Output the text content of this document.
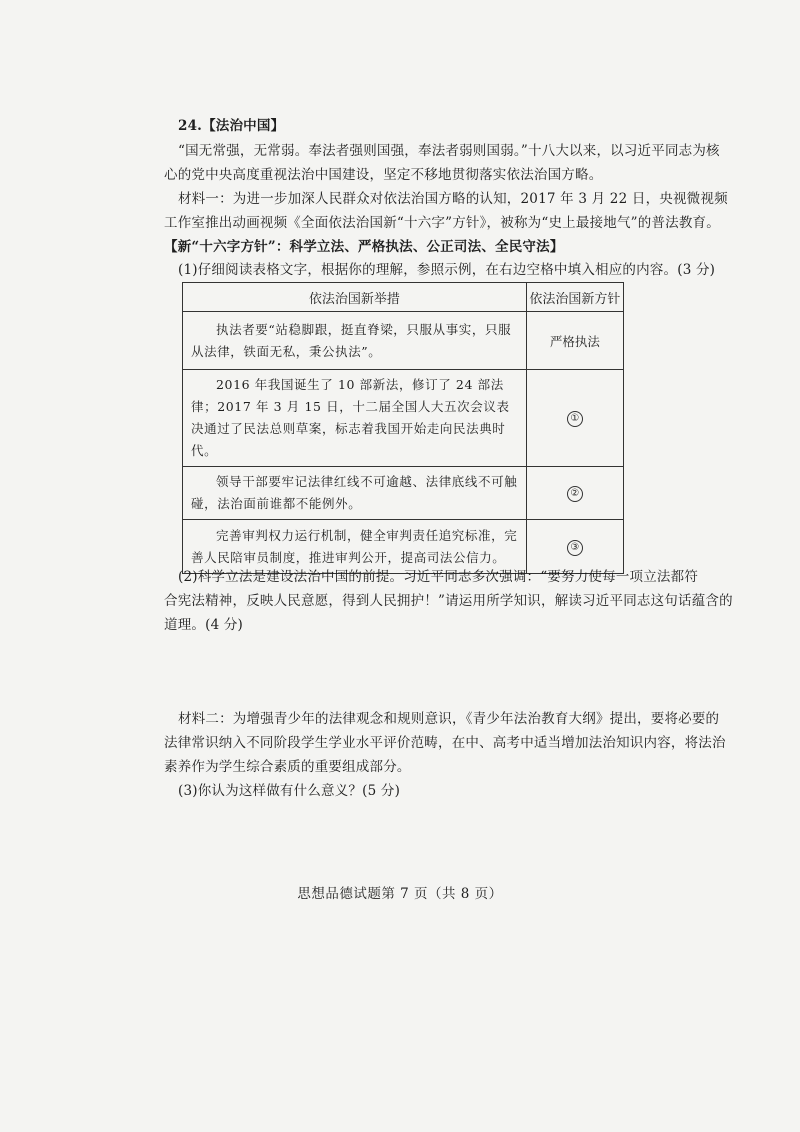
24.【法治中国】
“国无常强，无常弱。奉法者强则国强，奉法者弱则国弱。”十八大以来，以习近平同志为核
心的党中央高度重视法治中国建设，坚定不移地贯彻落实依法治国方略。
材料一：为进一步加深人民群众对依法治国方略的认知，2017 年 3 月 22 日，央视微视频
工作室推出动画视频《全面依法治国新“十六字”方针》，被称为“史上最接地气”的普法教育。
【新“十六字方针”：科学立法、严格执法、公正司法、全民守法】
(1)仔细阅读表格文字，根据你的理解，参照示例，在右边空格中填入相应的内容。(3 分)
依法治国新举措	依法治国新方针

执法者要“站稳脚跟，挺直脊梁，只服从事实，只服从法律，铁面无私，秉公执法”。	严格执法

2016 年我国诞生了 10 部新法，修订了 24 部法律；2017 年 3 月 15 日，十二届全国人大五次会议表决通过了民法总则草案，标志着我国开始走向民法典时代。	①

领导干部要牢记法律红线不可逾越、法律底线不可触碰，法治面前谁都不能例外。	②

完善审判权力运行机制，健全审判责任追究标准，完善人民陪审员制度，推进审判公开，提高司法公信力。	③
(2)科学立法是建设法治中国的前提。习近平同志多次强调：“要努力使每一项立法都符
合宪法精神，反映人民意愿，得到人民拥护！”请运用所学知识，解读习近平同志这句话蕴含的
道理。(4 分)
材料二：为增强青少年的法律观念和规则意识，《青少年法治教育大纲》提出，要将必要的
法律常识纳入不同阶段学生学业水平评价范畴，在中、高考中适当增加法治知识内容，将法治
素养作为学生综合素质的重要组成部分。
(3)你认为这样做有什么意义？(5 分)
思想品德试题第 7 页（共 8 页）
